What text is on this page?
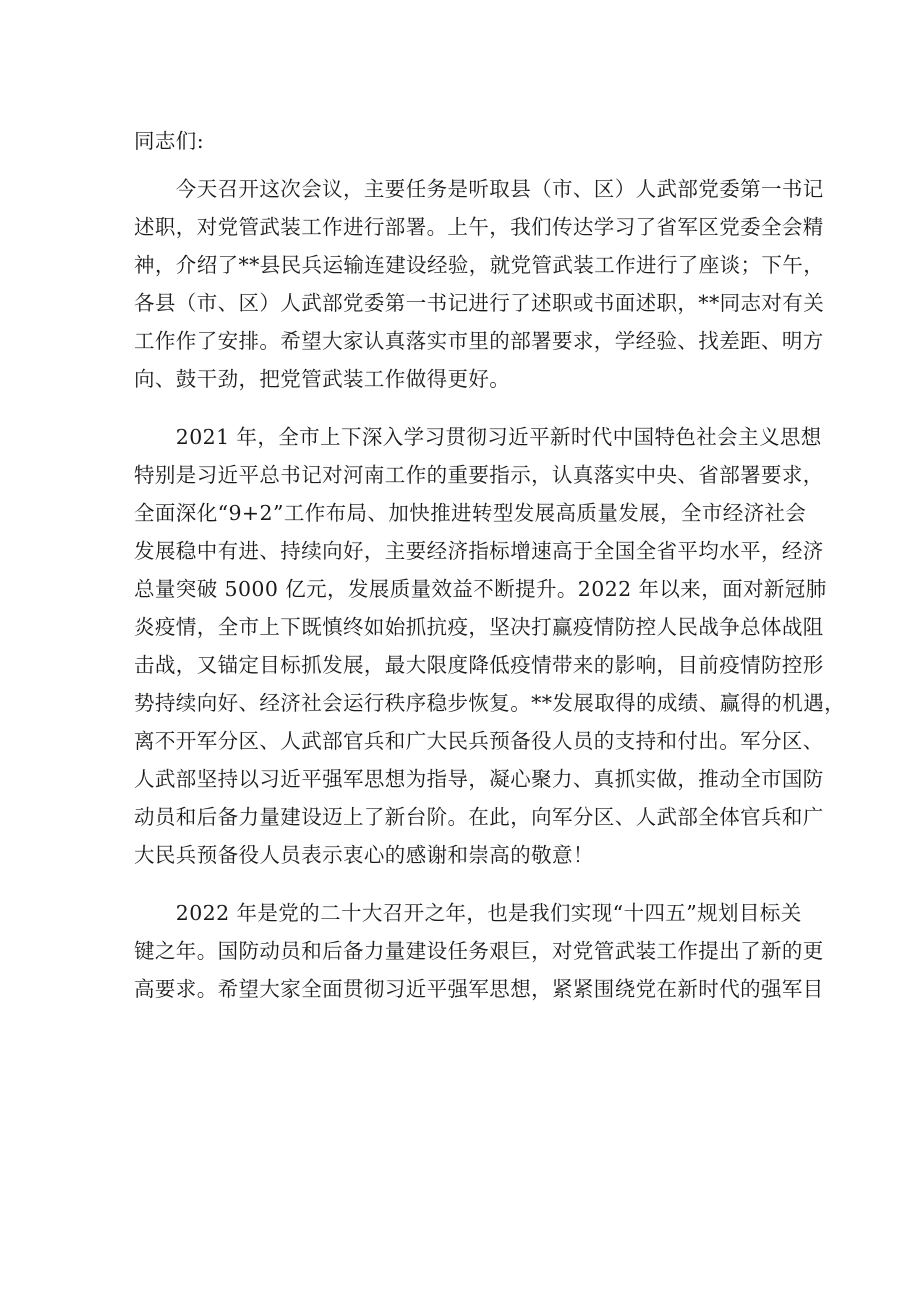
同志们:
　　今天召开这次会议，主要任务是听取县（市、区）人武部党委第一书记
述职，对党管武装工作进行部署。上午，我们传达学习了省军区党委全会精
神，介绍了**县民兵运输连建设经验，就党管武装工作进行了座谈；下午，
各县（市、区）人武部党委第一书记进行了述职或书面述职，**同志对有关
工作作了安排。希望大家认真落实市里的部署要求，学经验、找差距、明方
向、鼓干劲，把党管武装工作做得更好。
　　2021 年，全市上下深入学习贯彻习近平新时代中国特色社会主义思想
特别是习近平总书记对河南工作的重要指示，认真落实中央、省部署要求，
全面深化“9+2”工作布局、加快推进转型发展高质量发展，全市经济社会
发展稳中有进、持续向好，主要经济指标增速高于全国全省平均水平，经济
总量突破 5000 亿元，发展质量效益不断提升。2022 年以来，面对新冠肺
炎疫情，全市上下既慎终如始抓抗疫，坚决打赢疫情防控人民战争总体战阻
击战，又锚定目标抓发展，最大限度降低疫情带来的影响，目前疫情防控形
势持续向好、经济社会运行秩序稳步恢复。**发展取得的成绩、赢得的机遇，
离不开军分区、人武部官兵和广大民兵预备役人员的支持和付出。军分区、
人武部坚持以习近平强军思想为指导，凝心聚力、真抓实做，推动全市国防
动员和后备力量建设迈上了新台阶。在此，向军分区、人武部全体官兵和广
大民兵预备役人员表示衷心的感谢和崇高的敬意！
　　2022 年是党的二十大召开之年，也是我们实现“十四五”规划目标关
键之年。国防动员和后备力量建设任务艰巨，对党管武装工作提出了新的更
高要求。希望大家全面贯彻习近平强军思想，紧紧围绕党在新时代的强军目
